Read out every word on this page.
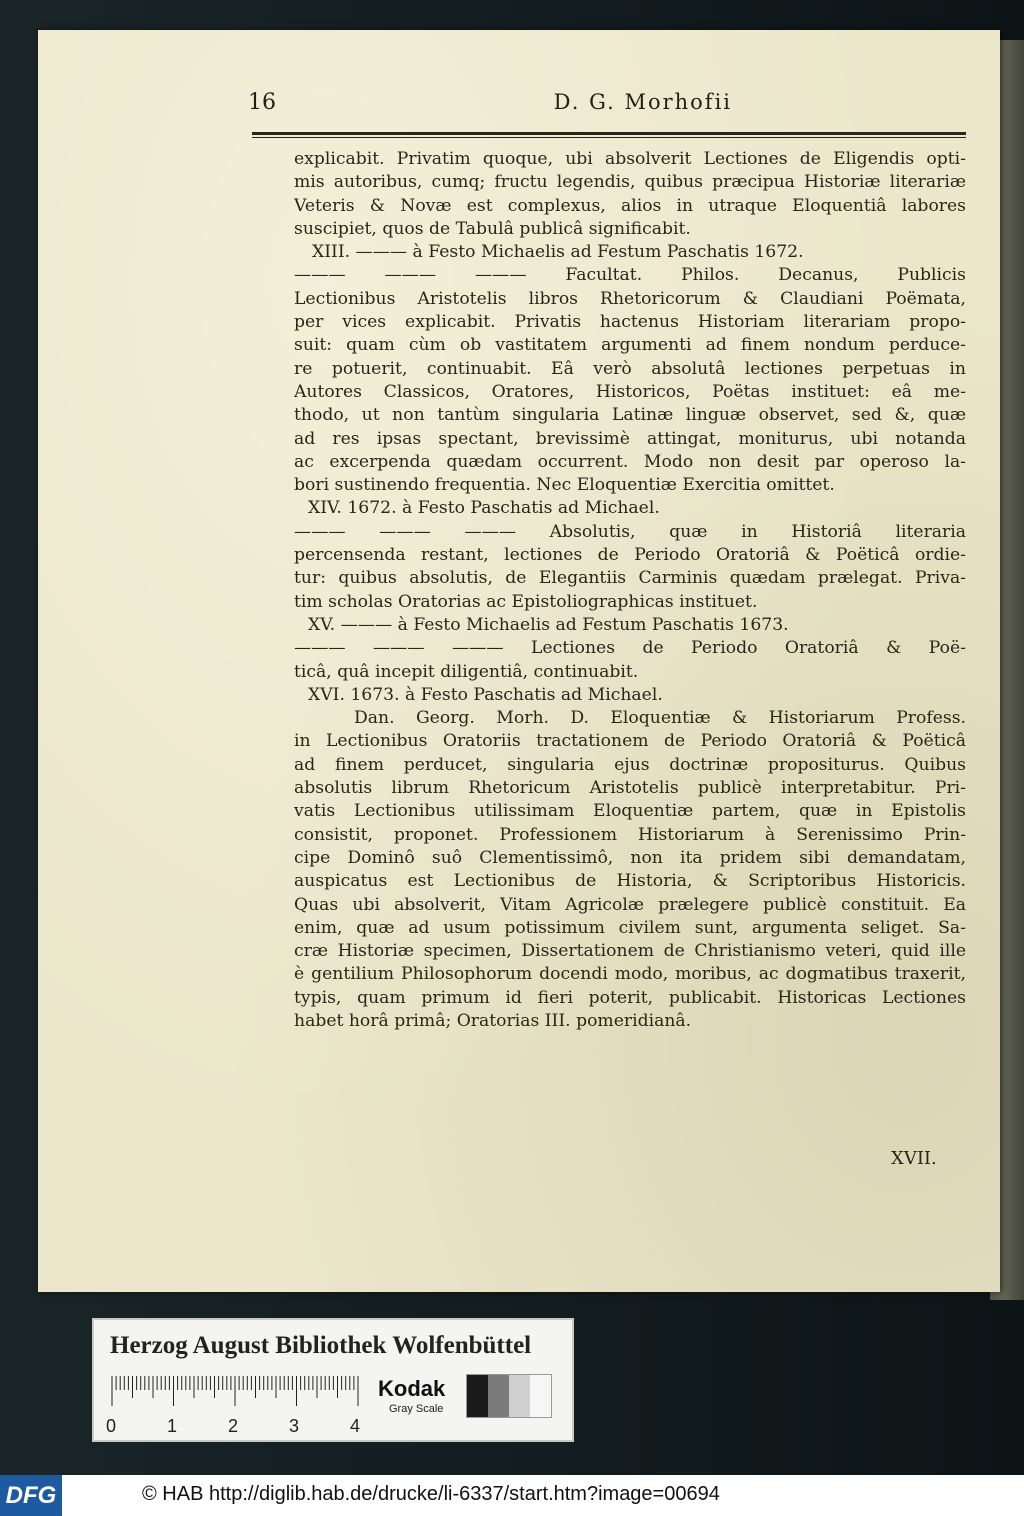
16	D. G. Morhofii
explicabit. Privatim quoque, ubi absolverit Lectiones de Eligendis opti-
mis autoribus, cumq; fructu legendis, quibus præcipua Historiæ literariæ
Veteris & Novæ est complexus, alios in utraque Eloquentiâ labores
suscipiet, quos de Tabulâ publicâ significabit.
XIII. ——— à Festo Michaelis ad Festum Paschatis 1672.
——— ——— ——— Facultat. Philos. Decanus, Publicis
Lectionibus Aristotelis libros Rhetoricorum & Claudiani Poëmata,
per vices explicabit. Privatis hactenus Historiam literariam propo-
suit: quam cùm ob vastitatem argumenti ad finem nondum perduce-
re potuerit, continuabit. Eâ verò absolutâ lectiones perpetuas in
Autores Classicos, Oratores, Historicos, Poëtas instituet: eâ me-
thodo, ut non tantùm singularia Latinæ linguæ observet, sed &, quæ
ad res ipsas spectant, brevissimè attingat, moniturus, ubi notanda
ac excerpenda quædam occurrent. Modo non desit par operoso la-
bori sustinendo frequentia. Nec Eloquentiæ Exercitia omittet.
XIV. 1672. à Festo Paschatis ad Michael.
——— ——— ——— Absolutis, quæ in Historiâ literaria
percensenda restant, lectiones de Periodo Oratoriâ & Poëticâ ordie-
tur: quibus absolutis, de Elegantiis Carminis quædam prælegat. Priva-
tim scholas Oratorias ac Epistoliographicas instituet.
XV. ——— à Festo Michaelis ad Festum Paschatis 1673.
——— ——— ——— Lectiones de Periodo Oratoriâ & Poë-
ticâ, quâ incepit diligentiâ, continuabit.
XVI. 1673. à Festo Paschatis ad Michael.
Dan. Georg. Morh. D. Eloquentiæ & Historiarum Profess.
in Lectionibus Oratoriis tractationem de Periodo Oratoriâ & Poëticâ
ad finem perducet, singularia ejus doctrinæ propositurus. Quibus
absolutis librum Rhetoricum Aristotelis publicè interpretabitur. Pri-
vatis Lectionibus utilissimam Eloquentiæ partem, quæ in Epistolis
consistit, proponet. Professionem Historiarum à Serenissimo Prin-
cipe Dominô suô Clementissimô, non ita pridem sibi demandatam,
auspicatus est Lectionibus de Historia, & Scriptoribus Historicis.
Quas ubi absolverit, Vitam Agricolæ prælegere publicè constituit. Ea
enim, quæ ad usum potissimum civilem sunt, argumenta seliget. Sa-
cræ Historiæ specimen, Dissertationem de Christianismo veteri, quid ille
è gentilium Philosophorum docendi modo, moribus, ac dogmatibus traxerit,
typis, quam primum id fieri poterit, publicabit. Historicas Lectiones
habet horâ primâ; Oratorias III. pomeridianâ.
XVII.
Herzog August Bibliothek Wolfenbüttel
0	1	2	3	4
Kodak
Gray Scale
DFG	© HAB http://diglib.hab.de/drucke/li-6337/start.htm?image=00694
